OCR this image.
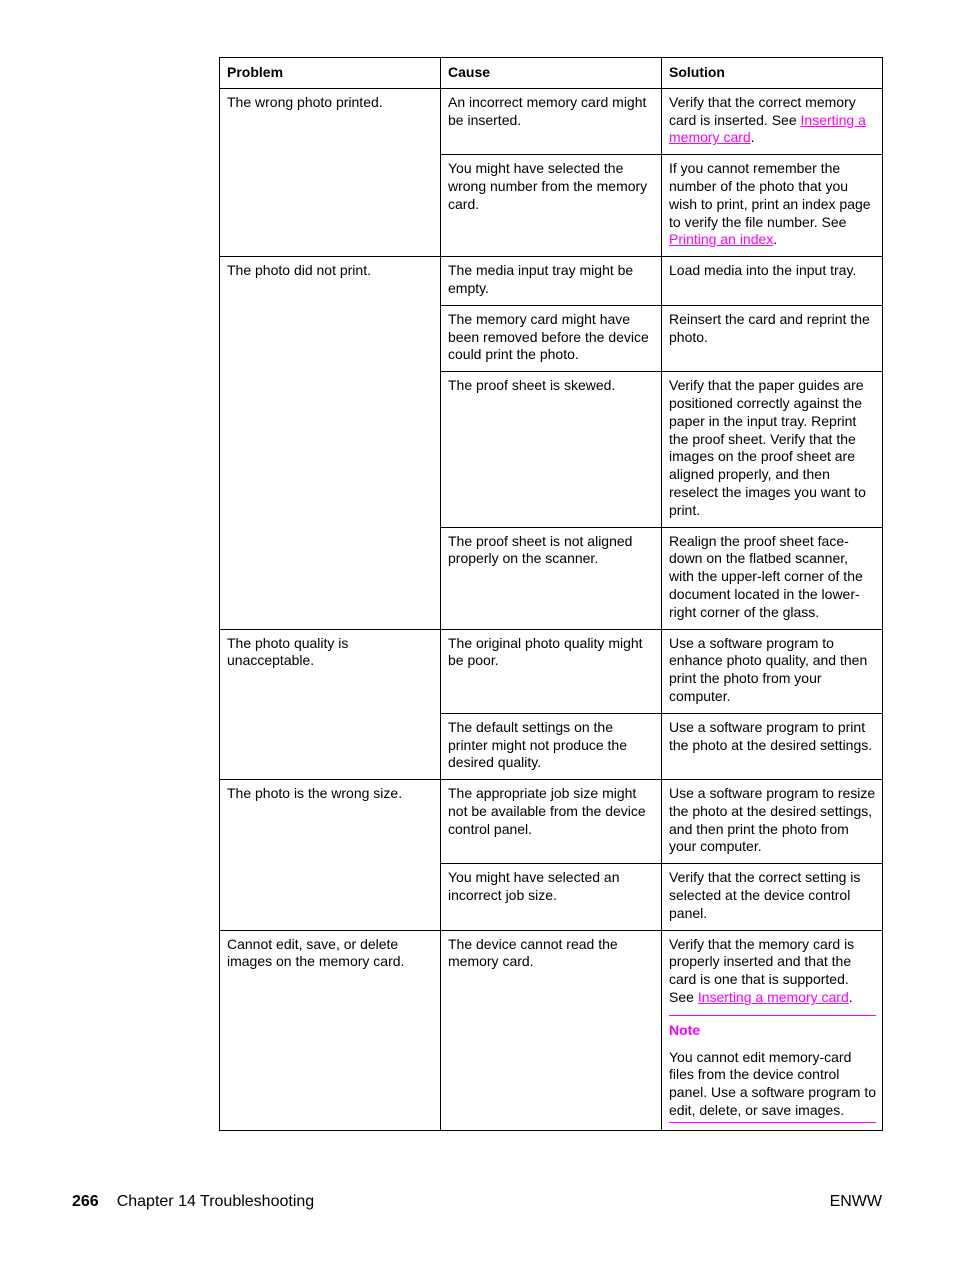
Problem	Cause	Solution
The wrong photo printed.	An incorrect memory card might be inserted.	Verify that the correct memory card is inserted. See Inserting a memory card.
	You might have selected the wrong number from the memory card.	If you cannot remember the number of the photo that you wish to print, print an index page to verify the file number. See Printing an index.
The photo did not print.	The media input tray might be empty.	Load media into the input tray.
	The memory card might have been removed before the device could print the photo.	Reinsert the card and reprint the photo.
	The proof sheet is skewed.	Verify that the paper guides are positioned correctly against the paper in the input tray. Reprint the proof sheet. Verify that the images on the proof sheet are aligned properly, and then reselect the images you want to print.
	The proof sheet is not aligned properly on the scanner.	Realign the proof sheet face-down on the flatbed scanner, with the upper-left corner of the document located in the lower-right corner of the glass.
The photo quality is unacceptable.	The original photo quality might be poor.	Use a software program to enhance photo quality, and then print the photo from your computer.
	The default settings on the printer might not produce the desired quality.	Use a software program to print the photo at the desired settings.
The photo is the wrong size.	The appropriate job size might not be available from the device control panel.	Use a software program to resize the photo at the desired settings, and then print the photo from your computer.
	You might have selected an incorrect job size.	Verify that the correct setting is selected at the device control panel.
Cannot edit, save, or delete images on the memory card.	The device cannot read the memory card.	Verify that the memory card is properly inserted and that the card is one that is supported. See Inserting a memory card.
Note
You cannot edit memory-card files from the device control panel. Use a software program to edit, delete, or save images.
266 Chapter 14 Troubleshooting	ENWW
